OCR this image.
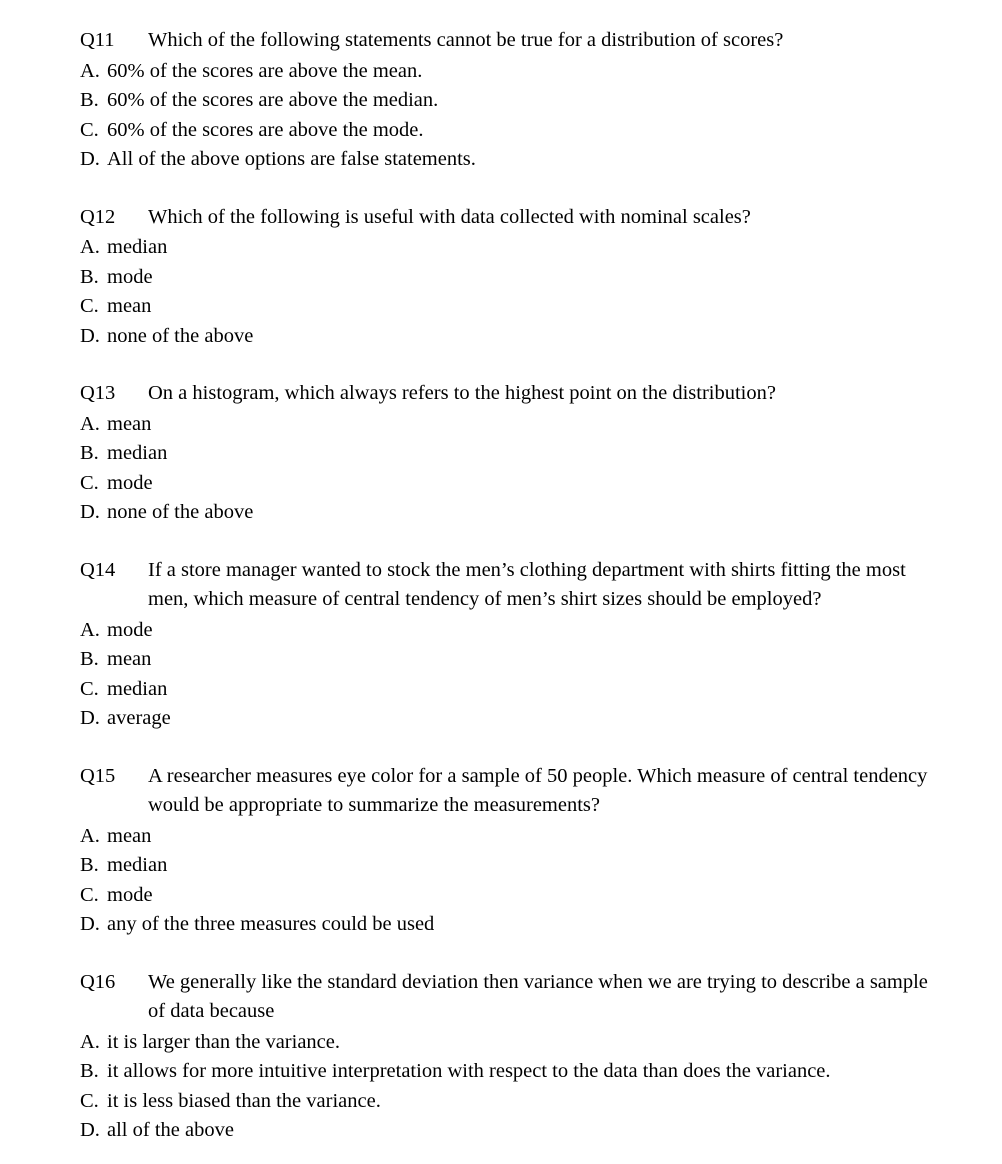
Q11	Which of the following statements cannot be true for a distribution of scores?
A. 60% of the scores are above the mean.
B. 60% of the scores are above the median.
C. 60% of the scores are above the mode.
D. All of the above options are false statements.
Q12	Which of the following is useful with data collected with nominal scales?
A. median
B. mode
C. mean
D. none of the above
Q13	On a histogram, which always refers to the highest point on the distribution?
A. mean
B. median
C. mode
D. none of the above
Q14	If a store manager wanted to stock the men’s clothing department with shirts fitting the most men, which measure of central tendency of men’s shirt sizes should be employed?
A. mode
B. mean
C. median
D. average
Q15	A researcher measures eye color for a sample of 50 people. Which measure of central tendency would be appropriate to summarize the measurements?
A. mean
B. median
C. mode
D. any of the three measures could be used
Q16	We generally like the standard deviation then variance when we are trying to describe a sample of data because
A. it is larger than the variance.
B. it allows for more intuitive interpretation with respect to the data than does the variance.
C. it is less biased than the variance.
D. all of the above
